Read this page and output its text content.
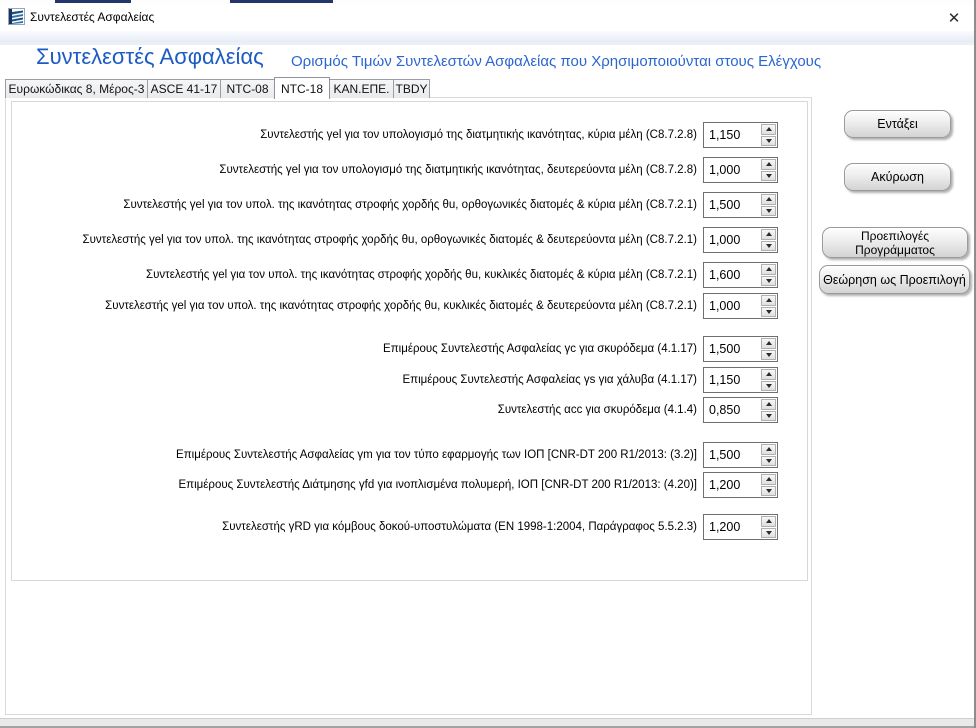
Συντελεστές Ασφαλείας	✕
Συντελεστές Ασφαλείας Ορισμός Τιμών Συντελεστών Ασφαλείας που Χρησιμοποιούνται στους Ελέγχους
Ευρωκώδικας 8, Μέρος-3 ASCE 41-17 NTC-08	NTC-18 ΚΑΝ.ΕΠΕ. TBDY
Συντελεστής γel για τον υπολογισμό της διατμητικής ικανότητας, κύρια μέλη (C8.7.2.8)
1,150
Συντελεστής γel για τον υπολογισμό της διατμητικής ικανότητας, δευτερεύοντα μέλη (C8.7.2.8)
1,000
Συντελεστής γel για τον υπολ. της ικανότητας στροφής χορδής θu, ορθογωνικές διατομές & κύρια μέλη (C8.7.2.1)
1,500
Συντελεστής γel για τον υπολ. της ικανότητας στροφής χορδής θu, ορθογωνικές διατομές & δευτερεύοντα μέλη (C8.7.2.1)
1,000
Συντελεστής γel για τον υπολ. της ικανότητας στροφής χορδής θu, κυκλικές διατομές & κύρια μέλη (C8.7.2.1)
1,600
Συντελεστής γel για τον υπολ. της ικανότητας στροφής χορδής θu, κυκλικές διατομές & δευτερεύοντα μέλη (C8.7.2.1)
1,000
Επιμέρους Συντελεστής Ασφαλείας γc για σκυρόδεμα (4.1.17)
1,500
Επιμέρους Συντελεστής Ασφαλείας γs για χάλυβα (4.1.17)
1,150
Συντελεστής αcc για σκυρόδεμα (4.1.4)
0,850
Επιμέρους Συντελεστής Ασφαλείας γm για τον τύπο εφαρμογής των ΙΟΠ [CNR-DT 200 R1/2013: (3.2)]
1,500
Επιμέρους Συντελεστής Διάτμησης γfd για ινοπλισμένα πολυμερή, ΙΟΠ [CNR-DT 200 R1/2013: (4.20)]
1,200
Συντελεστής γRD για κόμβους δοκού-υποστυλώματα (EN 1998-1:2004, Παράγραφος 5.5.2.3)
1,200
Εντάξει
Ακύρωση
Προεπιλογές Προγράμματος
Θεώρηση ως Προεπιλογή
